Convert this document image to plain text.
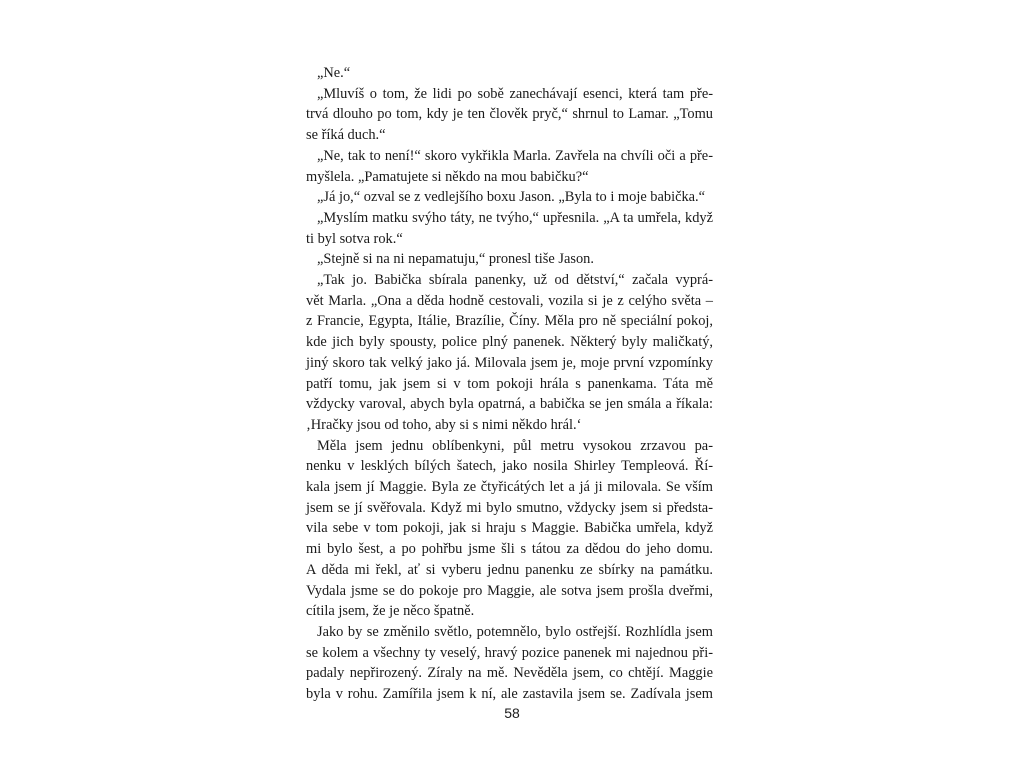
„Ne.“
„Mluvíš o tom, že lidi po sobě zanechávají esenci, která tam pře-
trvá dlouho po tom, kdy je ten člověk pryč,“ shrnul to Lamar. „Tomu
se říká duch.“
„Ne, tak to není!“ skoro vykřikla Marla. Zavřela na chvíli oči a pře-
myšlela. „Pamatujete si někdo na mou babičku?“
„Já jo,“ ozval se z vedlejšího boxu Jason. „Byla to i moje babička.“
„Myslím matku svýho táty, ne tvýho,“ upřesnila. „A ta umřela, když
ti byl sotva rok.“
„Stejně si na ni nepamatuju,“ pronesl tiše Jason.
„Tak jo. Babička sbírala panenky, už od dětství,“ začala vyprá-
vět Marla. „Ona a děda hodně cestovali, vozila si je z celýho světa –
z Francie, Egypta, Itálie, Brazílie, Číny. Měla pro ně speciální pokoj,
kde jich byly spousty, police plný panenek. Některý byly maličkatý,
jiný skoro tak velký jako já. Milovala jsem je, moje první vzpomínky
patří tomu, jak jsem si v tom pokoji hrála s panenkama. Táta mě
vždycky varoval, abych byla opatrná, a babička se jen smála a říkala:
‚Hračky jsou od toho, aby si s nimi někdo hrál.‘
Měla jsem jednu oblíbenkyni, půl metru vysokou zrzavou pa-
nenku v lesklých bílých šatech, jako nosila Shirley Templeová. Ří-
kala jsem jí Maggie. Byla ze čtyřicátých let a já ji milovala. Se vším
jsem se jí svěřovala. Když mi bylo smutno, vždycky jsem si předsta-
vila sebe v tom pokoji, jak si hraju s Maggie. Babička umřela, když
mi bylo šest, a po pohřbu jsme šli s tátou za dědou do jeho domu.
A děda mi řekl, ať si vyberu jednu panenku ze sbírky na památku.
Vydala jsme se do pokoje pro Maggie, ale sotva jsem prošla dveřmi,
cítila jsem, že je něco špatně.
Jako by se změnilo světlo, potemnělo, bylo ostřejší. Rozhlídla jsem
se kolem a všechny ty veselý, hravý pozice panenek mi najednou při-
padaly nepřirozený. Zíraly na mě. Nevěděla jsem, co chtějí. Maggie
byla v rohu. Zamířila jsem k ní, ale zastavila jsem se. Zadívala jsem
58
